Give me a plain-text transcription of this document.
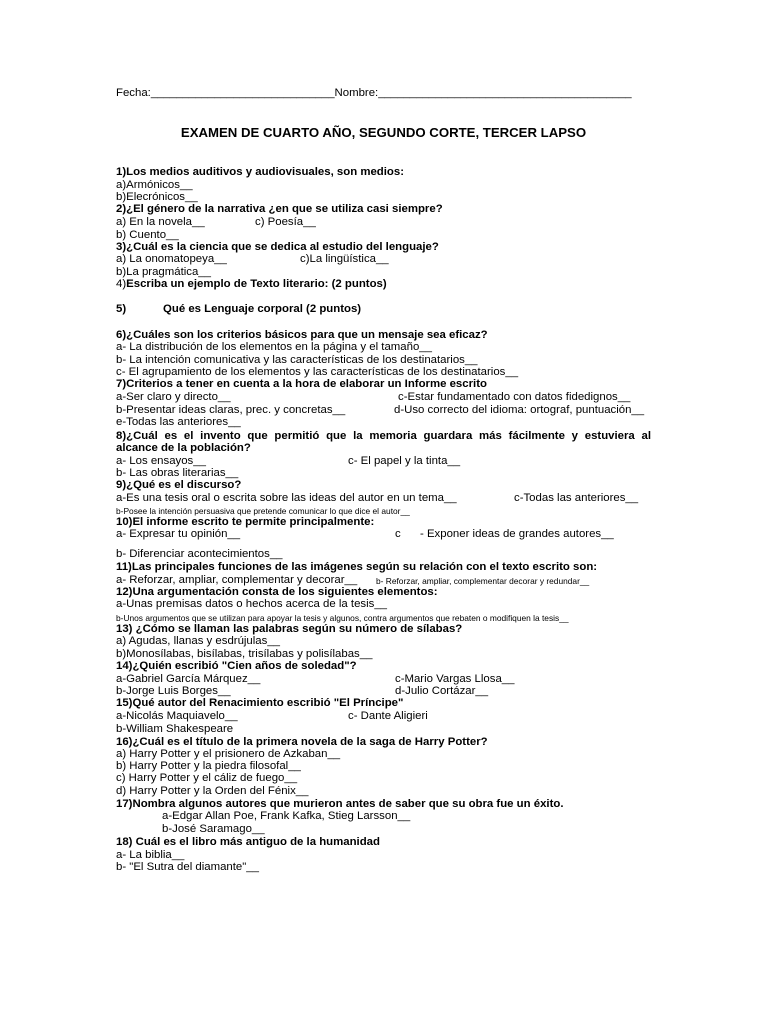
Fecha:_____________________________Nombre:________________________________________
EXAMEN DE CUARTO AÑO, SEGUNDO CORTE, TERCER LAPSO
1)Los medios auditivos y audiovisuales, son medios:
a)Armónicos__
b)Elecrónicos__
2)¿El género de la narrativa ¿en que se utiliza casi siempre?
a) En la novela__	c) Poesía__
b) Cuento__
3)¿Cuál es la ciencia que se dedica al estudio del lenguaje?
a) La onomatopeya__	c)La lingüística__
b)La pragmática__
4)Escriba un ejemplo de Texto literario: (2 puntos)
5)	Qué es Lenguaje corporal (2 puntos)
6)¿Cuáles son los criterios básicos para que un mensaje sea eficaz?
a- La distribución de los elementos en la página y el tamaño__
b- La intención comunicativa y las características de los destinatarios__
c- El agrupamiento de los elementos y las características de los destinatarios__
7)Criterios a tener en cuenta a la hora de elaborar un Informe escrito
a-Ser claro y directo__	c-Estar fundamentado con datos fidedignos__
b-Presentar ideas claras, prec. y concretas__	d-Uso correcto del idioma: ortograf, puntuación__
e-Todas las anteriores__
8)¿Cuál es el invento que permitió que la memoria guardara más fácilmente y estuviera al
alcance de la población?
a- Los ensayos__	c- El papel y la tinta__
b- Las obras literarias__
9)¿Qué es el discurso?
a-Es una tesis oral o escrita sobre las ideas del autor en un tema__	c-Todas las anteriores__
b-Posee la intención persuasiva que pretende comunicar lo que dice el autor__
10)El informe escrito te permite principalmente:
a- Expresar tu opinión__	c - Exponer ideas de grandes autores__
b- Diferenciar acontecimientos__
11)Las principales funciones de las imágenes según su relación con el texto escrito son:
a- Reforzar, ampliar, complementar y decorar__ b- Reforzar, ampliar, complementar decorar y redundar__
12)Una argumentación consta de los siguientes elementos:
a-Unas premisas datos o hechos acerca de la tesis__
b-Unos argumentos que se utilizan para apoyar la tesis y algunos, contra argumentos que rebaten o modifiquen la tesis__
13) ¿Cómo se llaman las palabras según su número de sílabas?
a) Agudas, llanas y esdrújulas__
b)Monosílabas, bisílabas, trisílabas y polisílabas__
14)¿Quién escribió "Cien años de soledad"?
a-Gabriel García Márquez__	c-Mario Vargas Llosa__
b-Jorge Luis Borges__	d-Julio Cortázar__
15)Qué autor del Renacimiento escribió "El Príncipe"
a-Nicolás Maquiavelo__	c- Dante Aligieri
b-William Shakespeare
16)¿Cuál es el título de la primera novela de la saga de Harry Potter?
a) Harry Potter y el prisionero de Azkaban__
b) Harry Potter y la piedra filosofal__
c) Harry Potter y el cáliz de fuego__
d) Harry Potter y la Orden del Fénix__
17)Nombra algunos autores que murieron antes de saber que su obra fue un éxito.
a-Edgar Allan Poe, Frank Kafka, Stieg Larsson__
b-José Saramago__
18) Cuál es el libro más antiguo de la humanidad
a- La biblia__
b- "El Sutra del diamante"__
